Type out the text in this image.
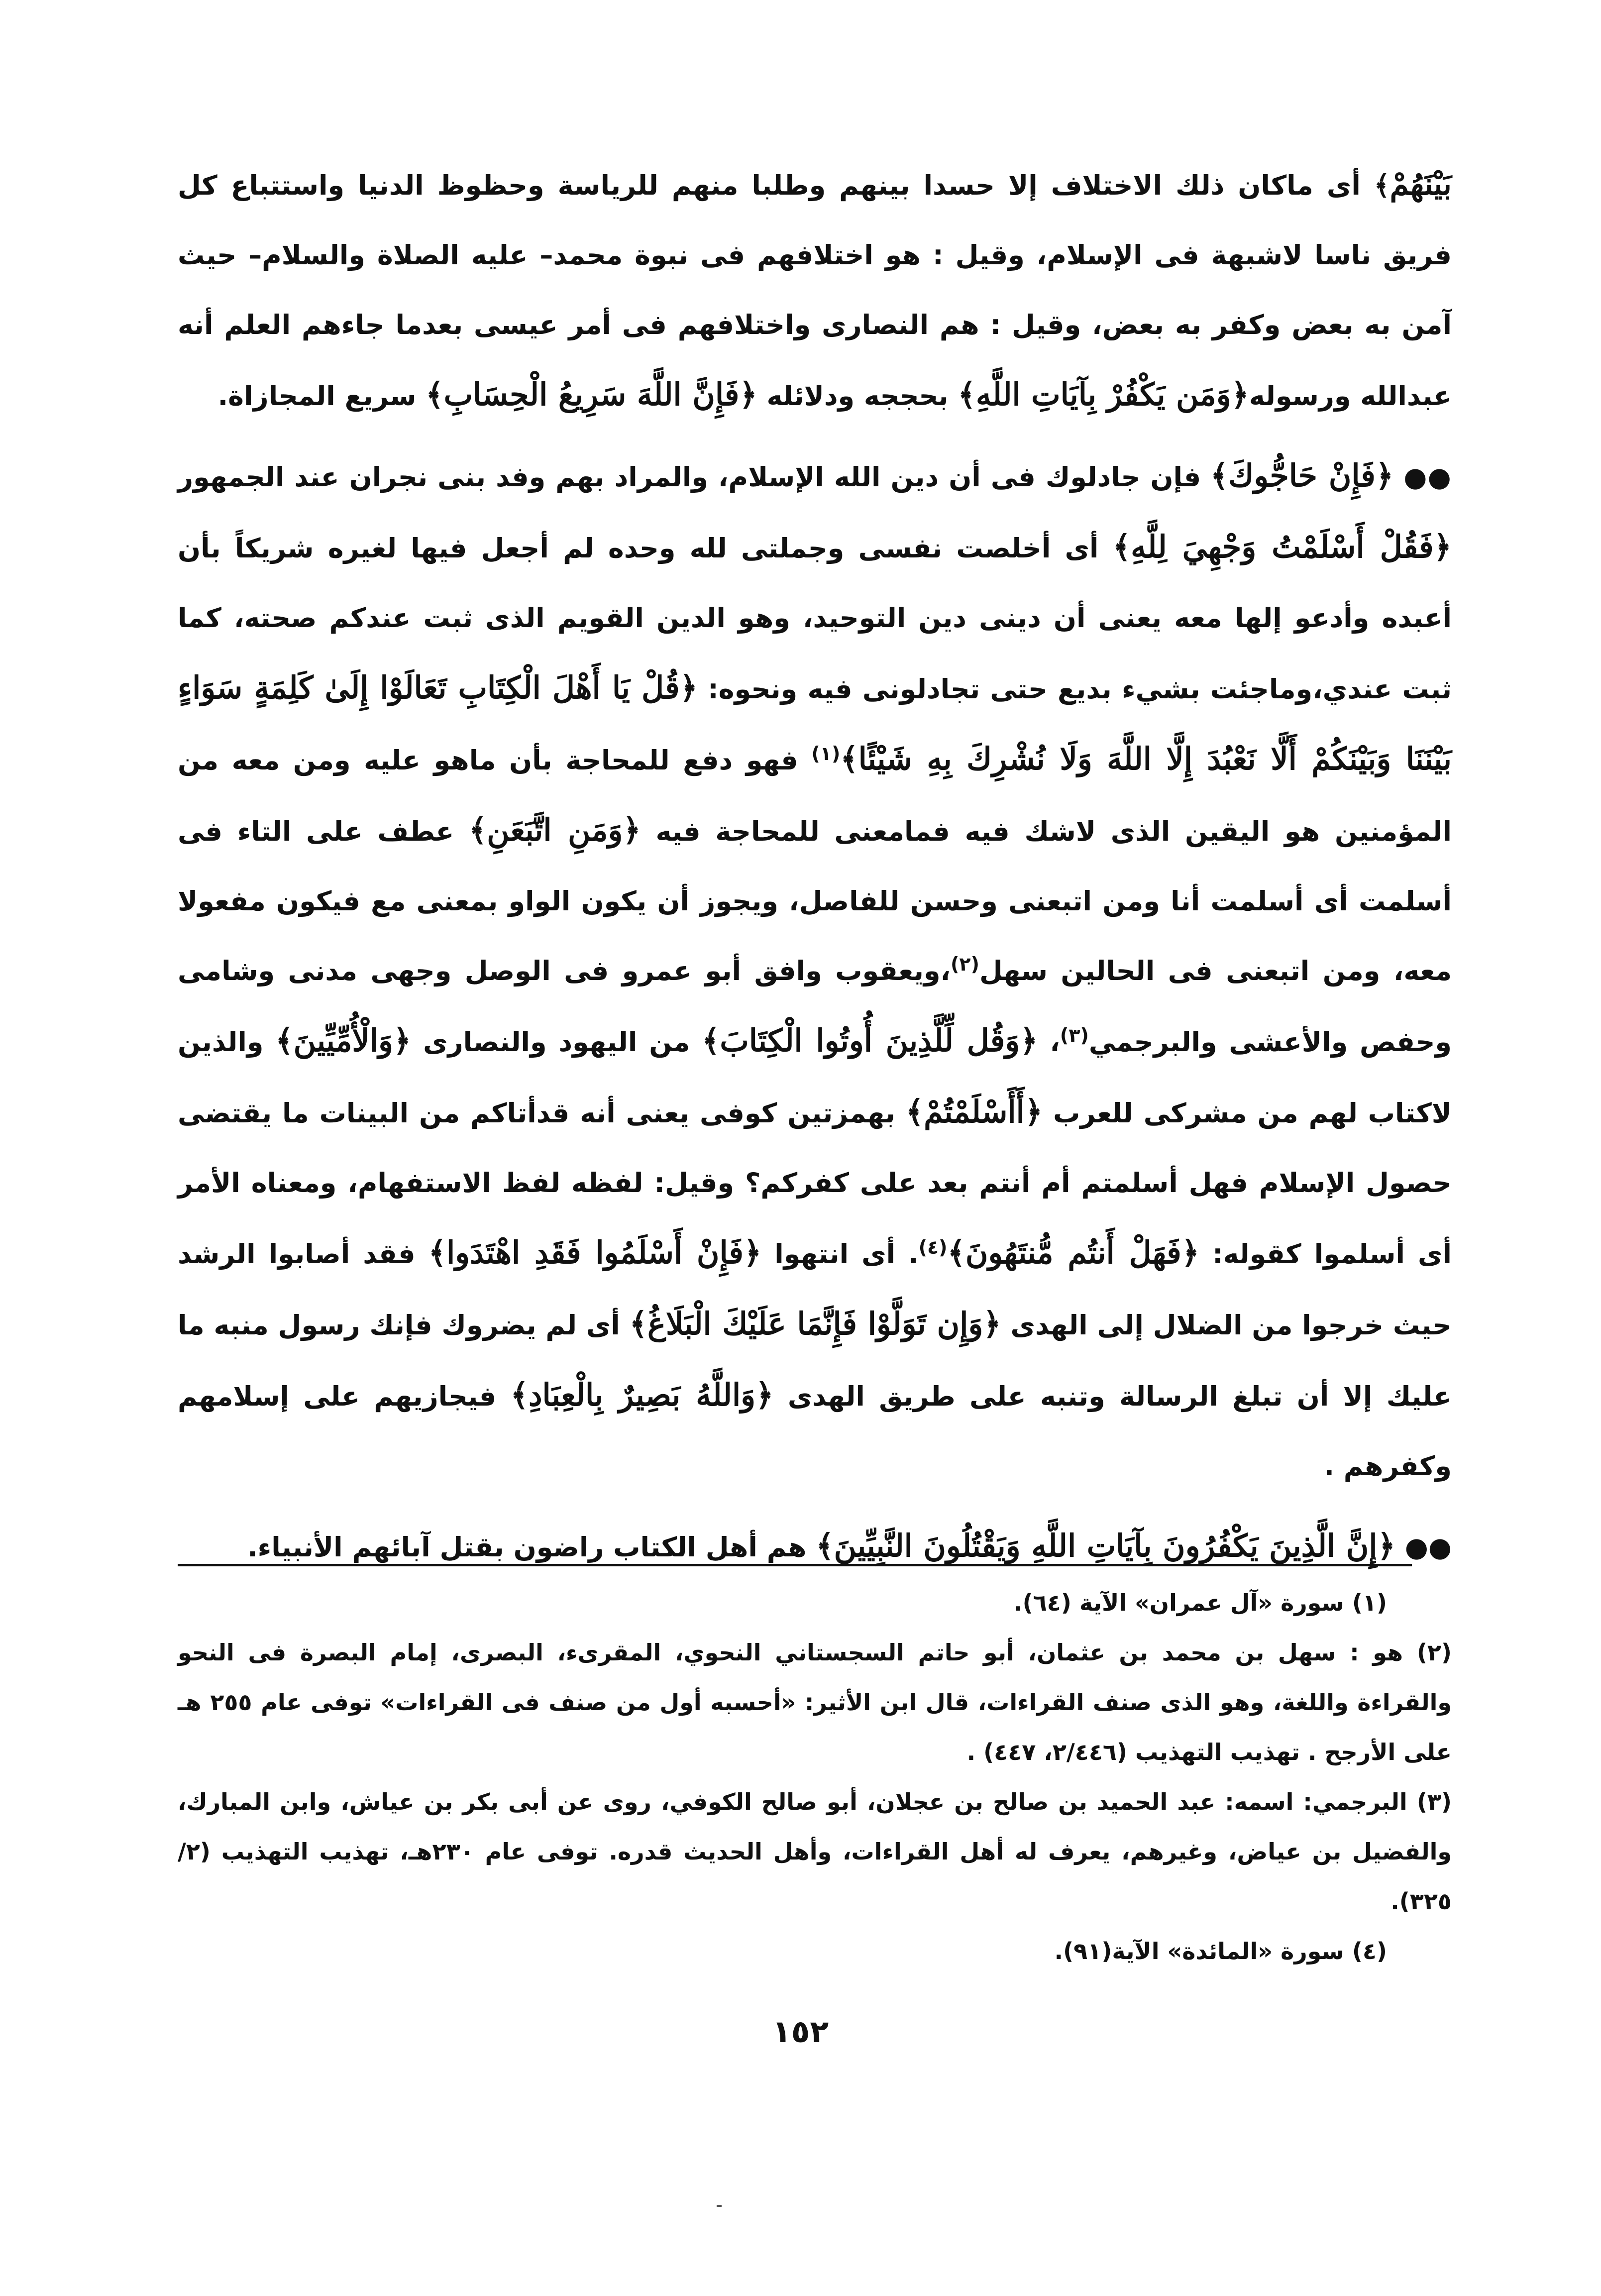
بَيْنَهُمْ﴾ أى ماكان ذلك الاختلاف إلا حسدا بينهم وطلبا منهم للرياسة وحظوظ الدنيا واستتباع كل فريق ناسا لاشبهة فى الإسلام، وقيل : هو اختلافهم فى نبوة محمد– عليه الصلاة والسلام– حيث آمن به بعض وكفر به بعض، وقيل : هم النصارى واختلافهم فى أمر عيسى بعدما جاءهم العلم أنه عبدالله ورسوله﴿وَمَن يَكْفُرْ بِآيَاتِ اللَّهِ﴾ بحججه ودلائله ﴿فَإِنَّ اللَّهَ سَرِيعُ الْحِسَابِ﴾ سريع المجازاة.

●● ﴿فَإِنْ حَاجُّوكَ﴾ فإن جادلوك فى أن دين الله الإسلام، والمراد بهم وفد بنى نجران عند الجمهور ﴿فَقُلْ أَسْلَمْتُ وَجْهِيَ لِلَّهِ﴾ أى أخلصت نفسى وجملتى لله وحده لم أجعل فيها لغيره شريكاً بأن أعبده وأدعو إلها معه يعنى أن دينى دين التوحيد، وهو الدين القويم الذى ثبت عندكم صحته، كما ثبت عندي،وماجئت بشيء بديع حتى تجادلونى فيه ونحوه: ﴿قُلْ يَا أَهْلَ الْكِتَابِ تَعَالَوْا إِلَىٰ كَلِمَةٍ سَوَاءٍ بَيْنَنَا وَبَيْنَكُمْ أَلَّا نَعْبُدَ إِلَّا اللَّهَ وَلَا نُشْرِكَ بِهِ شَيْئًا﴾$^{(١)}$ فهو دفع للمحاجة بأن ماهو عليه ومن معه من المؤمنين هو اليقين الذى لاشك فيه فمامعنى للمحاجة فيه ﴿وَمَنِ اتَّبَعَنِ﴾ عطف على التاء فى أسلمت أى أسلمت أنا ومن اتبعنى وحسن للفاصل، ويجوز أن يكون الواو بمعنى مع فيكون مفعولا معه، ومن اتبعنى فى الحالين سهل$^{(٢)}$،ويعقوب وافق أبو عمرو فى الوصل وجهى مدنى وشامى وحفص والأعشى والبرجمي$^{(٣)}$، ﴿وَقُل لِّلَّذِينَ أُوتُوا الْكِتَابَ﴾ من اليهود والنصارى ﴿وَالْأُمِّيِّينَ﴾ والذين لاكتاب لهم من مشركى للعرب ﴿أَأَسْلَمْتُمْ﴾ بهمزتين كوفى يعنى أنه قدأتاكم من البينات ما يقتضى حصول الإسلام فهل أسلمتم أم أنتم بعد على كفركم؟ وقيل: لفظه لفظ الاستفهام، ومعناه الأمر أى أسلموا كقوله: ﴿فَهَلْ أَنتُم مُّنتَهُونَ﴾$^{(٤)}$. أى انتهوا ﴿فَإِنْ أَسْلَمُوا فَقَدِ اهْتَدَوا﴾ فقد أصابوا الرشد حيث خرجوا من الضلال إلى الهدى ﴿وَإِن تَوَلَّوْا فَإِنَّمَا عَلَيْكَ الْبَلَاغُ﴾ أى لم يضروك فإنك رسول منبه ما عليك إلا أن تبلغ الرسالة وتنبه على طريق الهدى ﴿وَاللَّهُ بَصِيرٌ بِالْعِبَادِ﴾ فيجازيهم على إسلامهم وكفرهم .

●● ﴿إِنَّ الَّذِينَ يَكْفُرُونَ بِآيَاتِ اللَّهِ وَيَقْتُلُونَ النَّبِيِّينَ﴾ هم أهل الكتاب راضون بقتل آبائهم الأنبياء.

(١) سورة «آل عمران» الآية (٦٤).

(٢) هو : سهل بن محمد بن عثمان، أبو حاتم السجستاني النحوي، المقرىء، البصرى، إمام البصرة فى النحو والقراءة واللغة، وهو الذى صنف القراءات، قال ابن الأثير: «أحسبه أول من صنف فى القراءات» توفى عام ٢٥٥ هـ على الأرجح . تهذيب التهذيب (٢/٤٤٦، ٤٤٧) .

(٣) البرجمي: اسمه: عبد الحميد بن صالح بن عجلان، أبو صالح الكوفي، روى عن أبى بكر بن عياش، وابن المبارك، والفضيل بن عياض، وغيرهم، يعرف له أهل القراءات، وأهل الحديث قدره. توفى عام ٢٣٠هـ، تهذيب التهذيب (٢/ ٣٢٥).

(٤) سورة «المائدة» الآية(٩١).

١٥٢
